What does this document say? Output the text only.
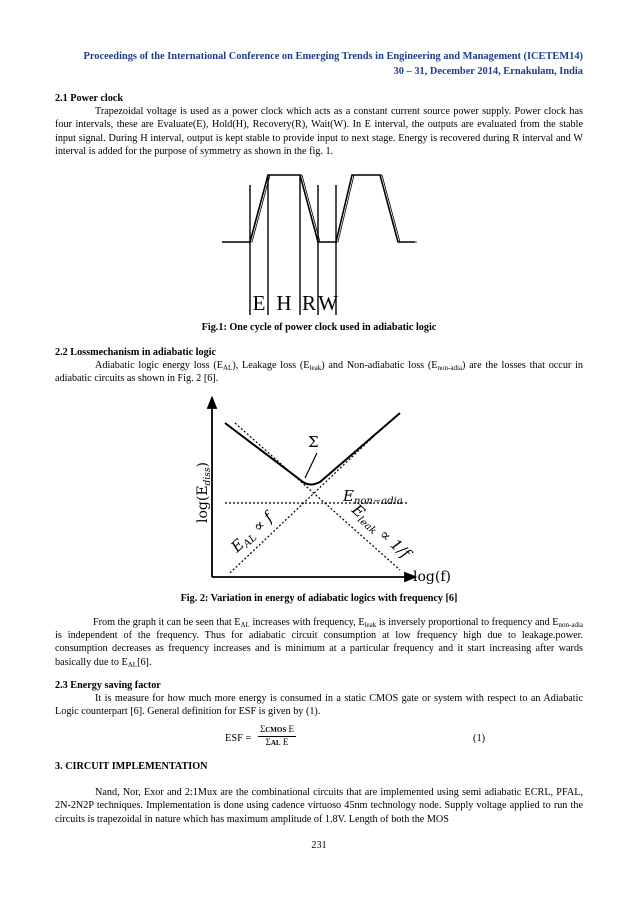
Proceedings of the International Conference on Emerging Trends in Engineering and Management (ICETEM14)
30 – 31, December 2014, Ernakulam, India
2.1 Power clock
Trapezoidal voltage is used as a power clock which acts as a constant current source power supply. Power clock has four intervals, these are Evaluate(E), Hold(H), Recovery(R), Wait(W). In E interval, the outputs are evaluated from the stable input signal. During H interval, output is kept stable to provide input to next stage. Energy is recovered during R interval and W interval is added for the purpose of symmetry as shown in the fig. 1.
E H R W
Fig.1: One cycle of power clock used in adiabatic logic
2.2 Lossmechanism in adiabatic logic
Adiabatic logic energy loss $(E_{AL})$, Leakage loss $(E_{leak})$ and Non-adiabatic loss $(E_{non-adia})$ are the losses that occur in adiabatic circuits as shown in Fig. 2 [6].
Σ
$E_{non-adia}$
log(f)
$\log(E_{diss})$
$E_{AL} \propto f$	$E_{leak} \propto 1/f$
Fig. 2: Variation in energy of adiabatic logics with frequency [6]
From the graph it can be seen that $E_{AL}$ increases with frequency, $E_{leak}$ is inversely proportional to frequency and $E_{non-adia}$ is independent of the frequency. Thus for adiabatic circuit consumption at low frequency high due to leakage.power. consumption decreases as frequency increases and is minimum at a particular frequency and it start increasing after wards basically due to $E_{AL}[6]$.
2.3 Energy saving factor
It is measure for how much more energy is consumed in a static CMOS gate or system with respect to an Adiabatic Logic counterpart [6]. General definition for ESF is given by (1).
ESF =
ΣCMOS E
ΣAL E	(1)
3. CIRCUIT IMPLEMENTATION
Nand, Nor, Exor and 2:1Mux are the combinational circuits that are implemented using semi adiabatic ECRL, PFAL, 2N-2N2P techniques. Implementation is done using cadence virtuoso 45nm technology node. Supply voltage applied to run the circuits is trapezoidal in nature which has maximum amplitude of 1.8V. Length of both the MOS
231
